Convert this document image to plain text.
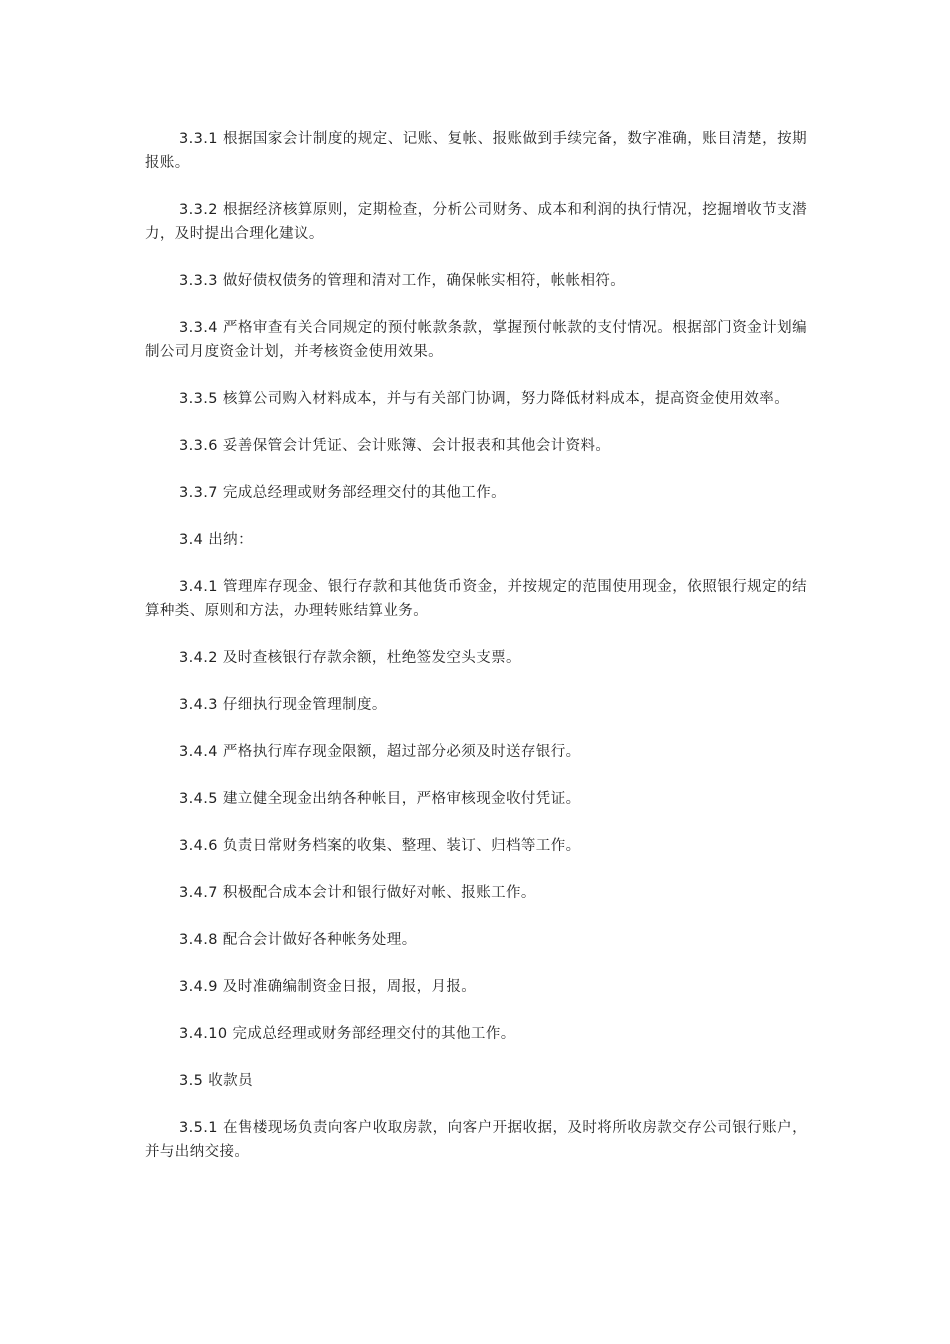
3.3.1 根据国家会计制度的规定、记账、复帐、报账做到手续完备，数字准确，账目清楚，按期报账。

3.3.2 根据经济核算原则，定期检查，分析公司财务、成本和利润的执行情况，挖掘增收节支潜力，及时提出合理化建议。

3.3.3 做好债权债务的管理和清对工作，确保帐实相符，帐帐相符。

3.3.4 严格审查有关合同规定的预付帐款条款，掌握预付帐款的支付情况。根据部门资金计划编制公司月度资金计划，并考核资金使用效果。

3.3.5 核算公司购入材料成本，并与有关部门协调，努力降低材料成本，提高资金使用效率。

3.3.6 妥善保管会计凭证、会计账簿、会计报表和其他会计资料。

3.3.7 完成总经理或财务部经理交付的其他工作。

3.4 出纳：

3.4.1 管理库存现金、银行存款和其他货币资金，并按规定的范围使用现金，依照银行规定的结算种类、原则和方法，办理转账结算业务。

3.4.2 及时查核银行存款余额，杜绝签发空头支票。

3.4.3 仔细执行现金管理制度。

3.4.4 严格执行库存现金限额，超过部分必须及时送存银行。

3.4.5 建立健全现金出纳各种帐目，严格审核现金收付凭证。

3.4.6 负责日常财务档案的收集、整理、装订、归档等工作。

3.4.7 积极配合成本会计和银行做好对帐、报账工作。

3.4.8 配合会计做好各种帐务处理。

3.4.9 及时准确编制资金日报，周报，月报。

3.4.10 完成总经理或财务部经理交付的其他工作。

3.5 收款员

3.5.1 在售楼现场负责向客户收取房款，向客户开据收据，及时将所收房款交存公司银行账户，并与出纳交接。
